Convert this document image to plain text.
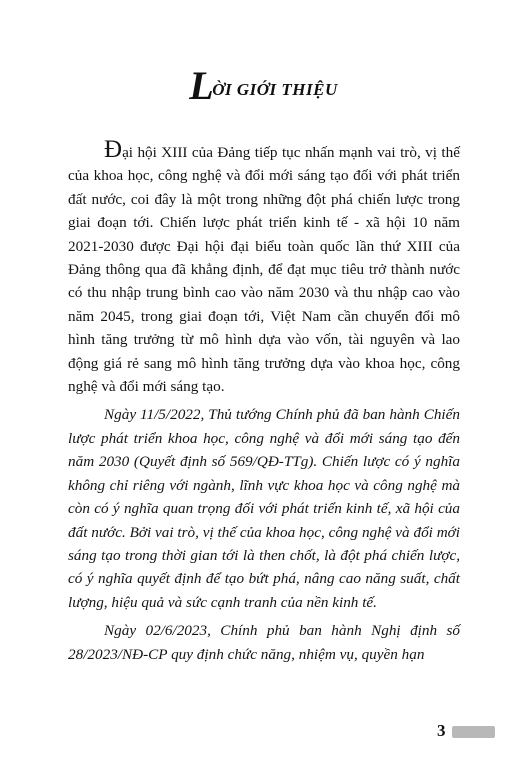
LỜI GIỚI THIỆU

Đại hội XIII của Đảng tiếp tục nhấn mạnh vai trò, vị thế của khoa học, công nghệ và đổi mới sáng tạo đối với phát triển đất nước, coi đây là một trong những đột phá chiến lược trong giai đoạn tới. Chiến lược phát triển kinh tế - xã hội 10 năm 2021-2030 được Đại hội đại biểu toàn quốc lần thứ XIII của Đảng thông qua đã khẳng định, để đạt mục tiêu trở thành nước có thu nhập trung bình cao vào năm 2030 và thu nhập cao vào năm 2045, trong giai đoạn tới, Việt Nam cần chuyển đổi mô hình tăng trưởng từ mô hình dựa vào vốn, tài nguyên và lao động giá rẻ sang mô hình tăng trưởng dựa vào khoa học, công nghệ và đổi mới sáng tạo.

Ngày 11/5/2022, Thủ tướng Chính phủ đã ban hành Chiến lược phát triển khoa học, công nghệ và đổi mới sáng tạo đến năm 2030 (Quyết định số 569/QĐ-TTg). Chiến lược có ý nghĩa không chỉ riêng với ngành, lĩnh vực khoa học và công nghệ mà còn có ý nghĩa quan trọng đối với phát triển kinh tế, xã hội của đất nước. Bởi vai trò, vị thế của khoa học, công nghệ và đổi mới sáng tạo trong thời gian tới là then chốt, là đột phá chiến lược, có ý nghĩa quyết định để tạo bứt phá, nâng cao năng suất, chất lượng, hiệu quả và sức cạnh tranh của nền kinh tế.

Ngày 02/6/2023, Chính phủ ban hành Nghị định số 28/2023/NĐ-CP quy định chức năng, nhiệm vụ, quyền hạn

3
